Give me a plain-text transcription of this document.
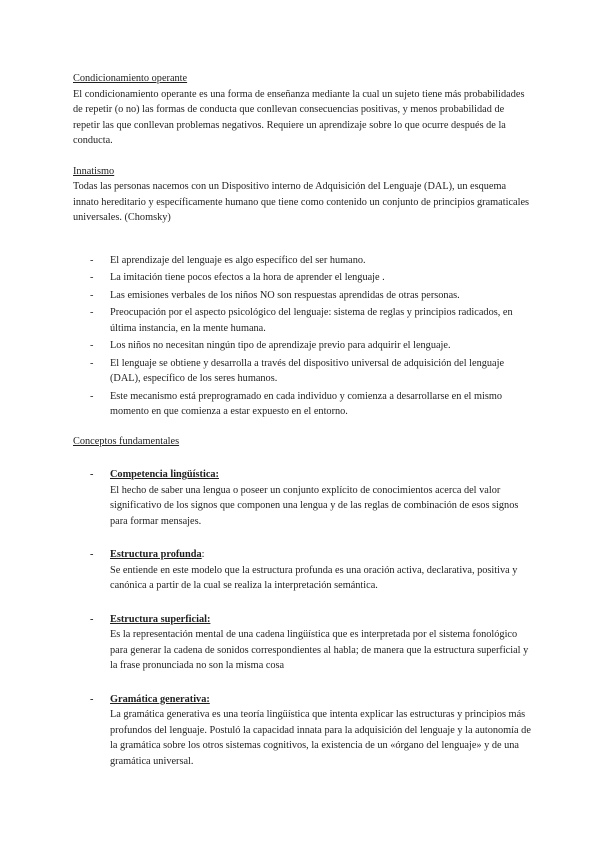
Condicionamiento operante

El condicionamiento operante es una forma de enseñanza mediante la cual un sujeto tiene más probabilidades de repetir (o no) las formas de conducta que conllevan consecuencias positivas, y menos probabilidad de repetir las que conllevan problemas negativos. Requiere un aprendizaje sobre lo que ocurre después de la conducta.

Innatismo

Todas las personas nacemos con un Dispositivo interno de Adquisición del Lenguaje (DAL), un esquema innato hereditario y específicamente humano que tiene como contenido un conjunto de principios gramaticales universales. (Chomsky)

- El aprendizaje del lenguaje es algo específico del ser humano.
- La imitación tiene pocos efectos a la hora de aprender el lenguaje .
- Las emisiones verbales de los niños NO son respuestas aprendidas de otras personas.
- Preocupación por el aspecto psicológico del lenguaje: sistema de reglas y principios radicados, en última instancia, en la mente humana.
- Los niños no necesitan ningún tipo de aprendizaje previo para adquirir el lenguaje.
- El lenguaje se obtiene y desarrolla a través del dispositivo universal de adquisición del lenguaje (DAL), específico de los seres humanos.
- Este mecanismo está preprogramado en cada individuo y comienza a desarrollarse en el mismo momento en que comienza a estar expuesto en el entorno.
Conceptos fundamentales
- Competencia lingüística:

El hecho de saber una lengua o poseer un conjunto explícito de conocimientos acerca del valor significativo de los signos que componen una lengua y de las reglas de combinación de esos signos para formar mensajes.

- Estructura profunda:

Se entiende en este modelo que la estructura profunda es una oración activa, declarativa, positiva y canónica a partir de la cual se realiza la interpretación semántica.

- Estructura superficial:

Es la representación mental de una cadena lingüística que es interpretada por el sistema fonológico para generar la cadena de sonidos correspondientes al habla; de manera que la estructura superficial y la frase pronunciada no son la misma cosa

- Gramática generativa:

La gramática generativa es una teoría lingüística que intenta explicar las estructuras y principios más profundos del lenguaje. Postuló la capacidad innata para la adquisición del lenguaje y la autonomía de la gramática sobre los otros sistemas cognitivos, la existencia de un «órgano del lenguaje» y de una gramática universal.
